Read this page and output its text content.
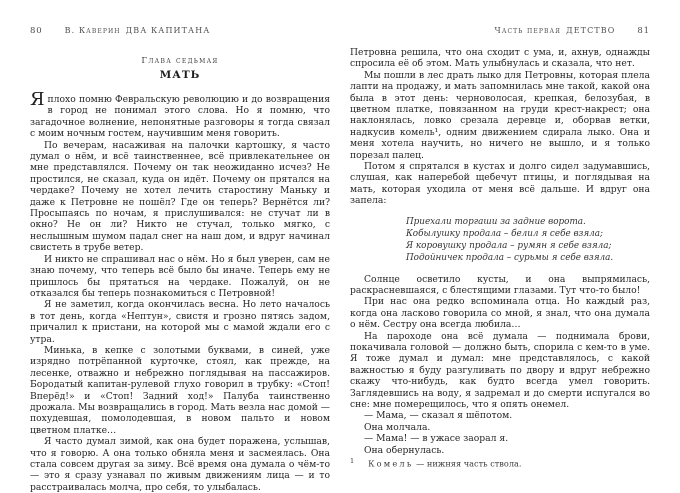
80	В. Каверин ДВА КАПИТАНА
Глава седьмая
МАТЬ

Яплохо помню Февральскую революцию и до возвращения в город не понимал этого слова. Но я помню, что загадочное волнение, непонятные разговоры я тогда связал с моим ночным гостем, научившим меня говорить.

По вечерам, насаживая на палочки картошку, я часто думал о нём, и всё таинственнее, всё привлекательнее он мне представлялся. Почему он так неожиданно исчез? Не простился, не сказал, куда он идёт. Почему он прятался на чердаке? Почему не хотел лечить старостину Маньку и даже к Петровне не пошёл? Где он теперь? Вернётся ли? Просыпаясь по ночам, я прислушивался: не стучат ли в окно? Не он ли? Никто не стучал, только мягко, с неслышным шумом падал снег на наш дом, и вдруг начинал свистеть в трубе ветер.

И никто не спрашивал нас о нём. Но я был уверен, сам не знаю почему, что теперь всё было бы иначе. Теперь ему не пришлось бы прятаться на чердаке. Пожалуй, он не отказался бы теперь познакомиться с Петровной!

Я не заметил, когда окончилась весна. Но лето началось в тот день, когда «Нептун», свистя и грозно пятясь задом, причалил к пристани, на которой мы с мамой ждали его с утра.

Минька, в кепке с золотыми буквами, в синей, уже изрядно потрёпанной курточке, стоял, как прежде, на лесенке, отважно и небрежно поглядывая на пассажиров. Бородатый капитан-рулевой глухо говорил в трубку: «Стоп! Вперёд!» и «Стоп! Задний ход!» Палуба таинственно дрожала. Мы возвращались в город. Мать везла нас домой — похудевшая, помолодевшая, в новом пальто и новом цветном платке…

Я часто думал зимой, как она будет поражена, услышав, что я говорю. А она только обняла меня и засмеялась. Она стала совсем другая за зиму. Всё время она думала о чём-то — это я сразу узнавал по живым движениям лица — и то расстраивалась молча, про себя, то улыбалась.

Часть первая ДЕТСТВО	81

Петровна решила, что она сходит с ума, и, ахнув, однажды спросила её об этом. Мать улыбнулась и сказала, что нет.

Мы пошли в лес драть лыко для Петровны, которая плела лапти на продажу, и мать запомнилась мне такой, какой она была в этот день: черноволосая, крепкая, белозубая, в цветном платке, повязанном на груди крест-накрест; она наклонялась, ловко срезала деревце и, оборвав ветки, надкусив комель¹, одним движением сдирала лыко. Она и меня хотела научить, но ничего не вышло, и я только порезал палец.

Потом я спрятался в кустах и долго сидел задумавшись, слушая, как наперебой щебечут птицы, и поглядывая на мать, которая уходила от меня всё дальше. И вдруг она запела:

Приехали торгаши за задние ворота.
Кобылушку продала – белил я себе взяла;
Я коровушку продала – румян я себе взяла;
Подойничек продала – сурьмы я себе взяла.

Солнце осветило кусты, и она выпрямилась, раскрасневшаяся, с блестящими глазами. Тут что-то было!

При нас она редко вспоминала отца. Но каждый раз, когда она ласково говорила со мной, я знал, что она думала о нём. Сестру она всегда любила…

На пароходе она всё думала — поднимала брови, покачивала головой — должно быть, спорила с кем-то в уме. Я тоже думал и думал: мне представлялось, с какой важностью я буду разгуливать по двору и вдруг небрежно скажу что-нибудь, как будто всегда умел говорить. Заглядевшись на воду, я задремал и до смерти испугался во сне: мне померещилось, что я опять онемел.

— Мама, — сказал я шёпотом.

Она молчала.

— Мама! — в ужасе заорал я.

Она обернулась.

$^1$ Комель — нижняя часть ствола.
